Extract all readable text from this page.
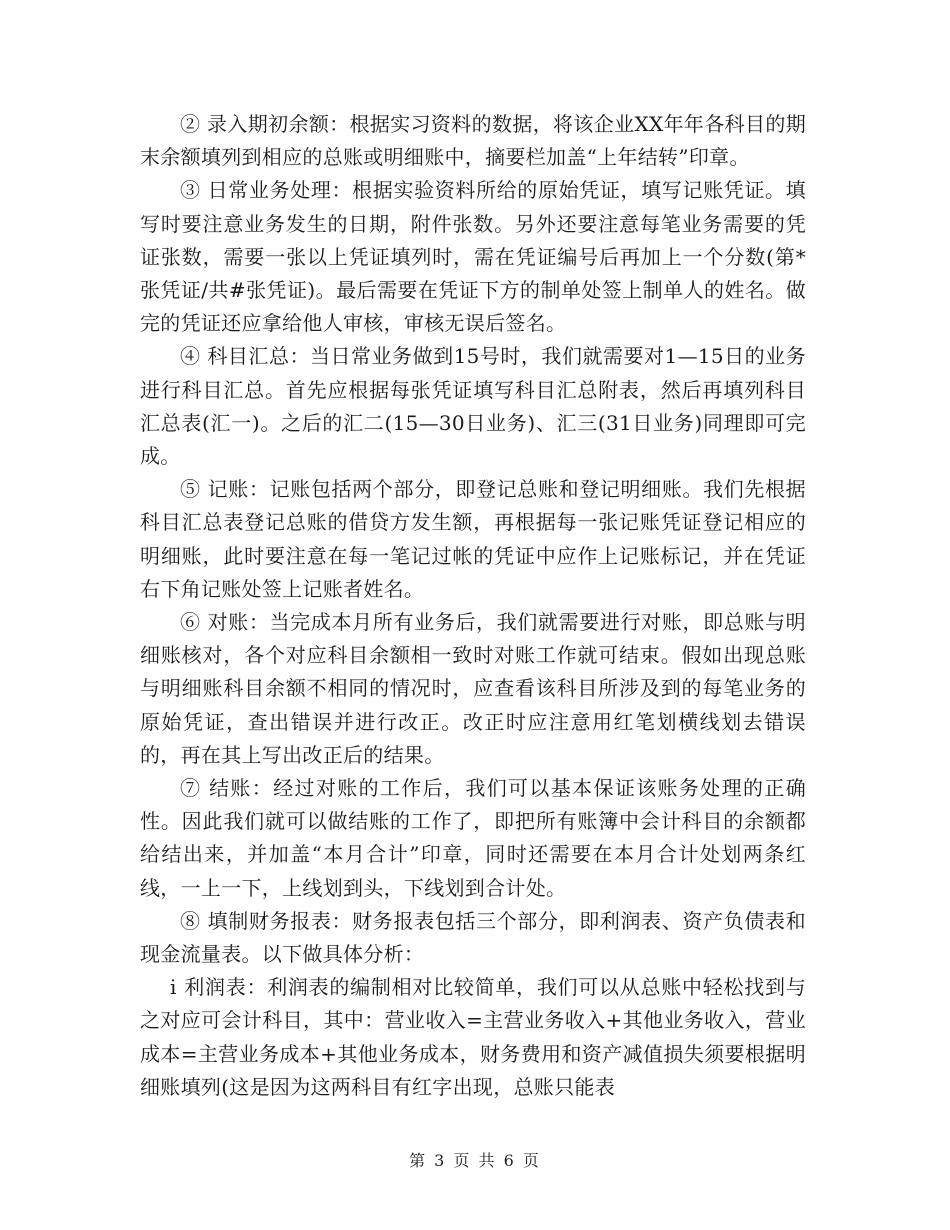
② 录入期初余额：根据实习资料的数据，将该企业XX年年各科目的期末余额填列到相应的总账或明细账中，摘要栏加盖“上年结转”印章。

③ 日常业务处理：根据实验资料所给的原始凭证，填写记账凭证。填写时要注意业务发生的日期，附件张数。另外还要注意每笔业务需要的凭证张数，需要一张以上凭证填列时，需在凭证编号后再加上一个分数(第*张凭证/共#张凭证)。最后需要在凭证下方的制单处签上制单人的姓名。做完的凭证还应拿给他人审核，审核无误后签名。

④ 科目汇总：当日常业务做到15号时，我们就需要对1—15日的业务进行科目汇总。首先应根据每张凭证填写科目汇总附表，然后再填列科目汇总表(汇一)。之后的汇二(15—30日业务)、汇三(31日业务)同理即可完成。

⑤ 记账：记账包括两个部分，即登记总账和登记明细账。我们先根据科目汇总表登记总账的借贷方发生额，再根据每一张记账凭证登记相应的明细账，此时要注意在每一笔记过帐的凭证中应作上记账标记，并在凭证右下角记账处签上记账者姓名。

⑥ 对账：当完成本月所有业务后，我们就需要进行对账，即总账与明细账核对，各个对应科目余额相一致时对账工作就可结束。假如出现总账与明细账科目余额不相同的情况时，应查看该科目所涉及到的每笔业务的原始凭证，查出错误并进行改正。改正时应注意用红笔划横线划去错误的，再在其上写出改正后的结果。

⑦ 结账：经过对账的工作后，我们可以基本保证该账务处理的正确性。因此我们就可以做结账的工作了，即把所有账簿中会计科目的余额都给结出来，并加盖“本月合计”印章，同时还需要在本月合计处划两条红线，一上一下，上线划到头，下线划到合计处。

⑧ 填制财务报表：财务报表包括三个部分，即利润表、资产负债表和现金流量表。以下做具体分析：

ⅰ 利润表：利润表的编制相对比较简单，我们可以从总账中轻松找到与之对应可会计科目，其中：营业收入=主营业务收入+其他业务收入，营业成本=主营业务成本+其他业务成本，财务费用和资产减值损失须要根据明细账填列(这是因为这两科目有红字出现，总账只能表

第 3 页 共 6 页
